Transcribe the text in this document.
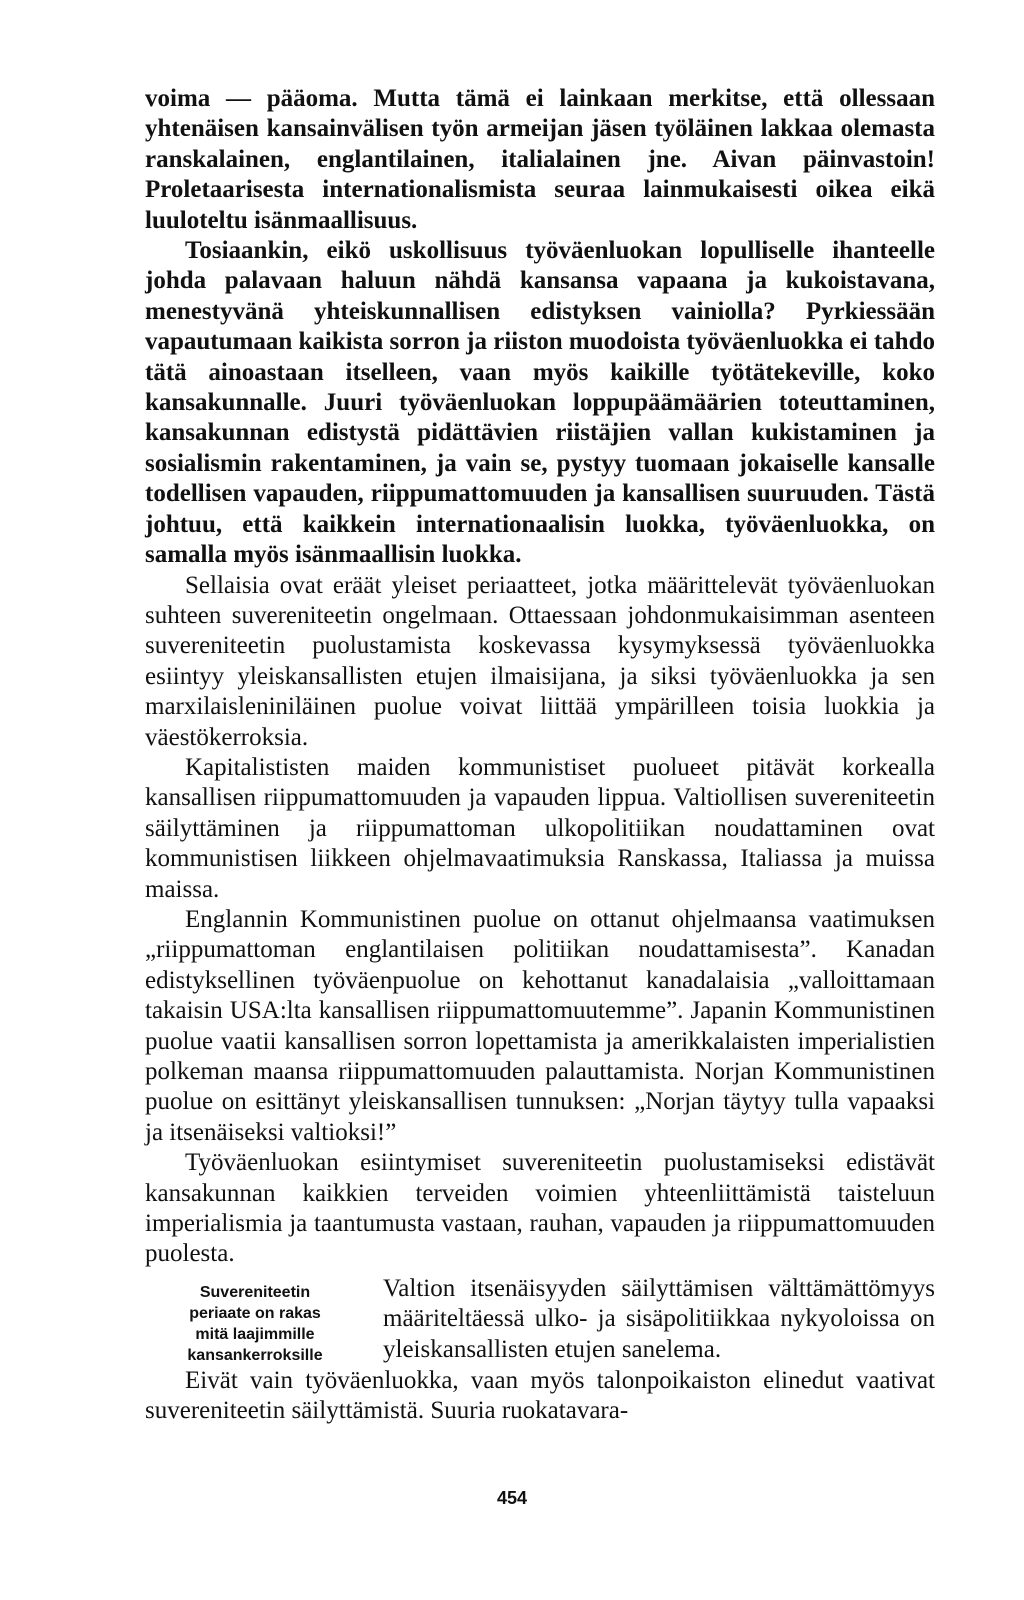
voima — pääoma. Mutta tämä ei lainkaan merkitse, että ollessaan yhtenäisen kansainvälisen työn armeijan jäsen työläinen lakkaa olemasta ranskalainen, englantilainen, italialainen jne. Aivan päinvastoin! Proletaarisesta internationalismista seuraa lainmukaisesti oikea eikä luuloteltu isänmaallisuus.

Tosiaankin, eikö uskollisuus työväenluokan lopulliselle ihanteelle johda palavaan haluun nähdä kansansa vapaana ja kukoistavana, menestyvänä yhteiskunnallisen edistyksen vainiolla? Pyrkiessään vapautumaan kaikista sorron ja riiston muodoista työväenluokka ei tahdo tätä ainoastaan itselleen, vaan myös kaikille työtätekeville, koko kansakunnalle. Juuri työväenluokan loppupäämäärien toteuttaminen, kansakunnan edistystä pidättävien riistäjien vallan kukistaminen ja sosialismin rakentaminen, ja vain se, pystyy tuomaan jokaiselle kansalle todellisen vapauden, riippumattomuuden ja kansallisen suuruuden. Tästä johtuu, että kaikkein internationaalisin luokka, työväenluokka, on samalla myös isänmaallisin luokka.

Sellaisia ovat eräät yleiset periaatteet, jotka määrittelevät työväenluokan suhteen suvereniteetin ongelmaan. Ottaessaan johdonmukaisimman asenteen suvereniteetin puolustamista koskevassa kysymyksessä työväenluokka esiintyy yleiskansallisten etujen ilmaisijana, ja siksi työväenluokka ja sen marxilaisleniniläinen puolue voivat liittää ympärilleen toisia luokkia ja väestökerroksia.

Kapitalististen maiden kommunistiset puolueet pitävät korkealla kansallisen riippumattomuuden ja vapauden lippua. Valtiollisen suvereniteetin säilyttäminen ja riippumattoman ulkopolitiikan noudattaminen ovat kommunistisen liikkeen ohjelmavaatimuksia Ranskassa, Italiassa ja muissa maissa.

Englannin Kommunistinen puolue on ottanut ohjelmaansa vaatimuksen „riippumattoman englantilaisen politiikan noudattamisesta”. Kanadan edistyksellinen työväenpuolue on kehottanut kanadalaisia „valloittamaan takaisin USA:lta kansallisen riippumattomuutemme”. Japanin Kommunistinen puolue vaatii kansallisen sorron lopettamista ja amerikkalaisten imperialistien polkeman maansa riippumattomuuden palauttamista. Norjan Kommunistinen puolue on esittänyt yleiskansallisen tunnuksen: „Norjan täytyy tulla vapaaksi ja itsenäiseksi valtioksi!”

Työväenluokan esiintymiset suvereniteetin puolustamiseksi edistävät kansakunnan kaikkien terveiden voimien yhteenliittämistä taisteluun imperialismia ja taantumusta vastaan, rauhan, vapauden ja riippumattomuuden puolesta.

Suvereniteetin
periaate on rakas
mitä laajimmille
kansankerroksille

Valtion itsenäisyyden säilyttämisen välttämättömyys määriteltäessä ulko- ja sisäpolitiikkaa nykyoloissa on yleiskansallisten etujen sanelema.

Eivät vain työväenluokka, vaan myös talonpoikaiston elinedut vaativat suvereniteetin säilyttämistä. Suuria ruokatavara-

454
